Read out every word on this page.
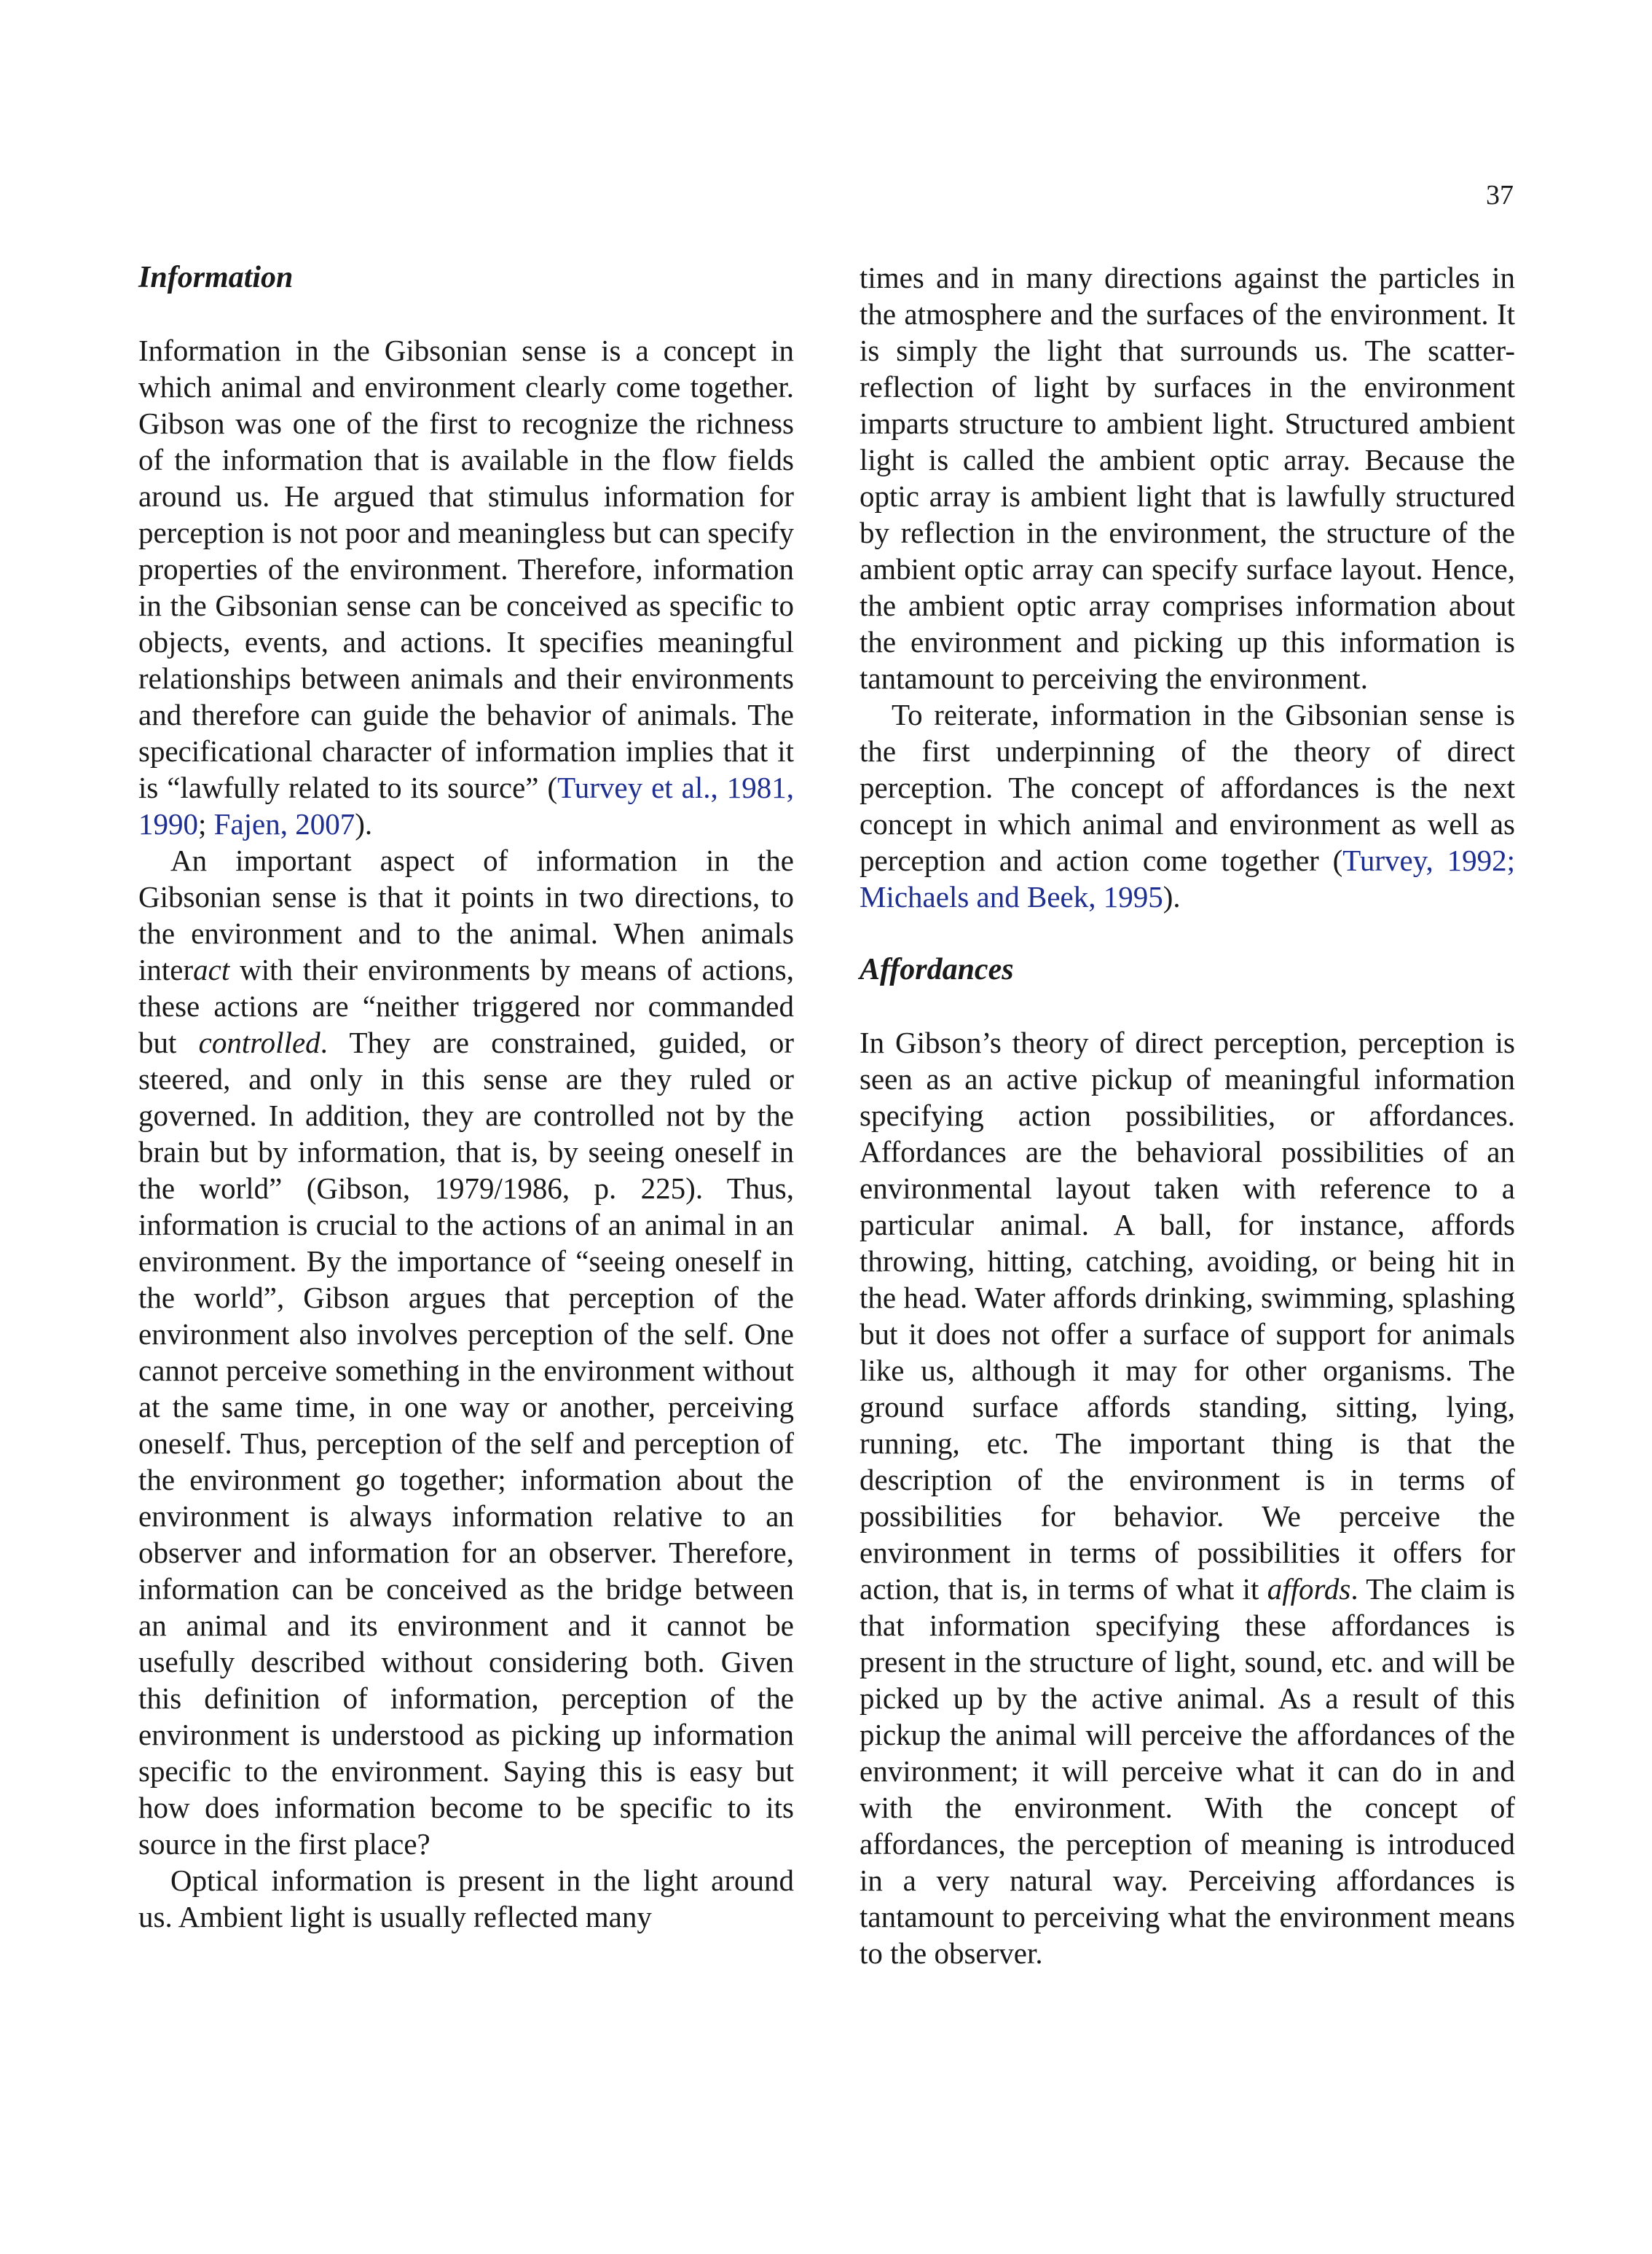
37
Information

Information in the Gibsonian sense is a concept in which animal and environment clearly come together. Gibson was one of the first to recognize the richness of the information that is available in the flow fields around us. He argued that stimulus information for perception is not poor and meaningless but can specify properties of the environment. Therefore, information in the Gibsonian sense can be conceived as specific to objects, events, and actions. It specifies meaningful relationships between animals and their environments and therefore can guide the behavior of animals. The specificational character of information implies that it is “lawfully related to its source” (Turvey et al., 1981, 1990; Fajen, 2007).

An important aspect of information in the Gibsonian sense is that it points in two directions, to the environment and to the animal. When animals interact with their environments by means of actions, these actions are “neither triggered nor commanded but controlled. They are constrained, guided, or steered, and only in this sense are they ruled or governed. In addition, they are controlled not by the brain but by information, that is, by seeing oneself in the world” (Gibson, 1979/1986, p. 225). Thus, information is crucial to the actions of an animal in an environment. By the importance of “seeing oneself in the world”, Gibson argues that perception of the environment also involves perception of the self. One cannot perceive something in the environment without at the same time, in one way or another, perceiving oneself. Thus, perception of the self and perception of the environment go together; information about the environment is always information relative to an observer and information for an observer. Therefore, information can be conceived as the bridge between an animal and its environment and it cannot be usefully described without considering both. Given this definition of information, perception of the environment is understood as picking up information specific to the environment. Saying this is easy but how does information become to be specific to its source in the first place?

Optical information is present in the light around us. Ambient light is usually reflected many

times and in many directions against the particles in the atmosphere and the surfaces of the environment. It is simply the light that surrounds us. The scatter-reflection of light by surfaces in the environment imparts structure to ambient light. Structured ambient light is called the ambient optic array. Because the optic array is ambient light that is lawfully structured by reflection in the environment, the structure of the ambient optic array can specify surface layout. Hence, the ambient optic array comprises information about the environment and picking up this information is tantamount to perceiving the environment.

To reiterate, information in the Gibsonian sense is the first underpinning of the theory of direct perception. The concept of affordances is the next concept in which animal and environment as well as perception and action come together (Turvey, 1992; Michaels and Beek, 1995).

Affordances

In Gibson’s theory of direct perception, perception is seen as an active pickup of meaningful information specifying action possibilities, or affordances. Affordances are the behavioral possibilities of an environmental layout taken with reference to a particular animal. A ball, for instance, affords throwing, hitting, catching, avoiding, or being hit in the head. Water affords drinking, swimming, splashing but it does not offer a surface of support for animals like us, although it may for other organisms. The ground surface affords standing, sitting, lying, running, etc. The important thing is that the description of the environment is in terms of possibilities for behavior. We perceive the environment in terms of possibilities it offers for action, that is, in terms of what it affords. The claim is that information specifying these affordances is present in the structure of light, sound, etc. and will be picked up by the active animal. As a result of this pickup the animal will perceive the affordances of the environment; it will perceive what it can do in and with the environment. With the concept of affordances, the perception of meaning is introduced in a very natural way. Perceiving affordances is tantamount to perceiving what the environment means to the observer.
